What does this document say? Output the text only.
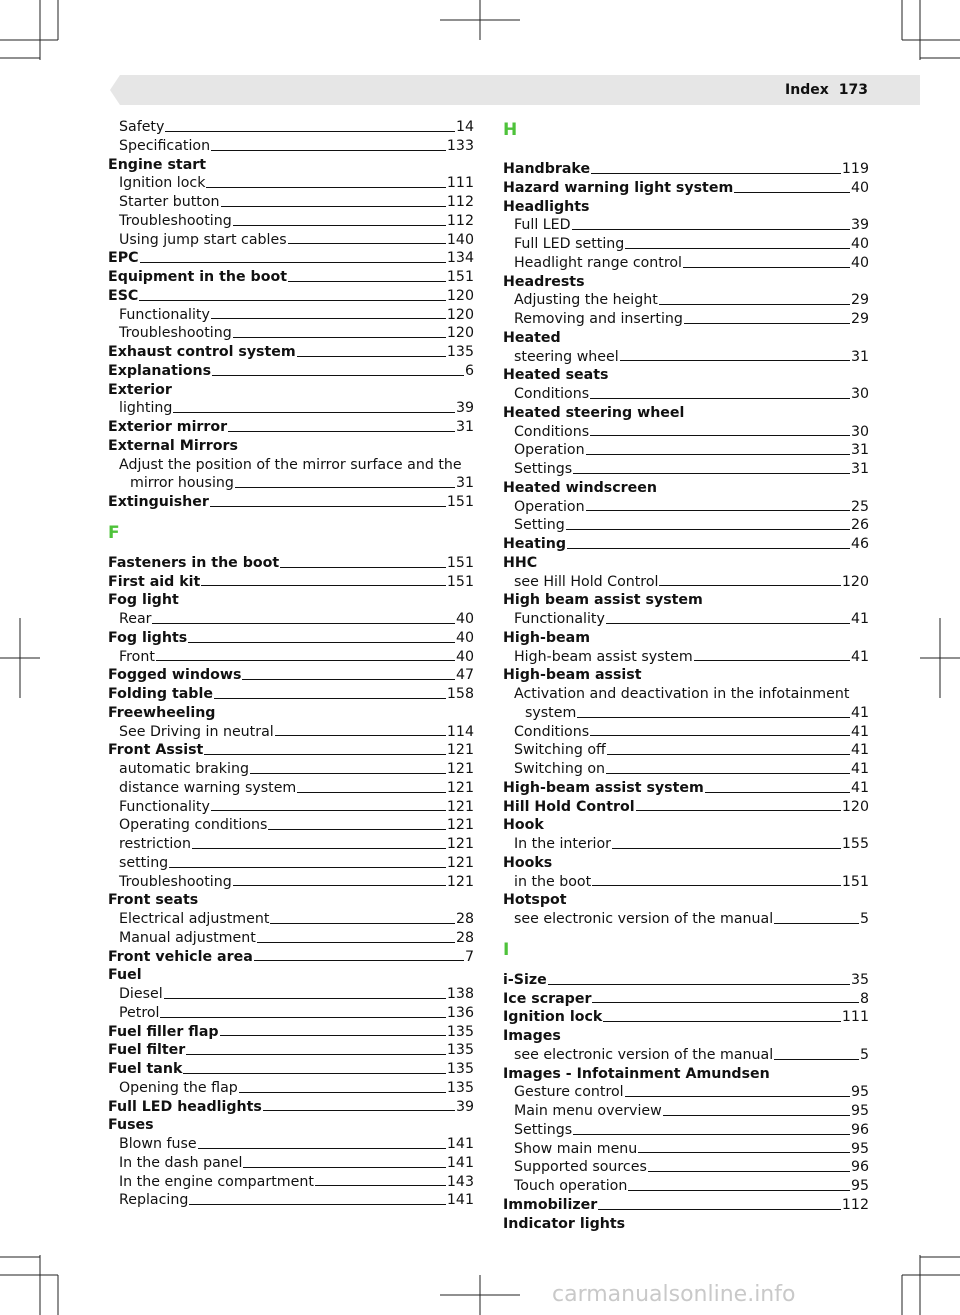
Index 173
Safety	14
Specification	133
Engine start
Ignition lock	111
Starter button	112
Troubleshooting	112
Using jump start cables	140
EPC	134
Equipment in the boot	151
ESC	120
Functionality	120
Troubleshooting	120
Exhaust control system	135
Explanations	6
Exterior
lighting	39
Exterior mirror	31
External Mirrors
Adjust the position of the mirror surface and the
mirror housing	31
Extinguisher	151
F
Fasteners in the boot	151
First aid kit	151
Fog light
Rear	40
Fog lights	40
Front	40
Fogged windows	47
Folding table	158
Freewheeling
See Driving in neutral	114
Front Assist	121
automatic braking	121
distance warning system	121
Functionality	121
Operating conditions	121
restriction	121
setting	121
Troubleshooting	121
Front seats
Electrical adjustment	28
Manual adjustment	28
Front vehicle area	7
Fuel
Diesel	138
Petrol	136
Fuel filler flap	135
Fuel filter	135
Fuel tank	135
Opening the flap	135
Full LED headlights	39
Fuses
Blown fuse	141
In the dash panel	141
In the engine compartment	143
Replacing	141
H
Handbrake	119
Hazard warning light system	40
Headlights
Full LED	39
Full LED setting	40
Headlight range control	40
Headrests
Adjusting the height	29
Removing and inserting	29
Heated
steering wheel	31
Heated seats
Conditions	30
Heated steering wheel
Conditions	30
Operation	31
Settings	31
Heated windscreen
Operation	25
Setting	26
Heating	46
HHC
see Hill Hold Control	120
High beam assist system
Functionality	41
High-beam
High-beam assist system	41
High-beam assist
Activation and deactivation in the infotainment
system	41
Conditions	41
Switching off	41
Switching on	41
High-beam assist system	41
Hill Hold Control	120
Hook
In the interior	155
Hooks
in the boot	151
Hotspot
see electronic version of the manual	5
I
i-Size	35
Ice scraper	8
Ignition lock	111
Images
see electronic version of the manual	5
Images - Infotainment Amundsen
Gesture control	95
Main menu overview	95
Settings	96
Show main menu	95
Supported sources	96
Touch operation	95
Immobilizer	112
Indicator lights
carmanualsonline.info
